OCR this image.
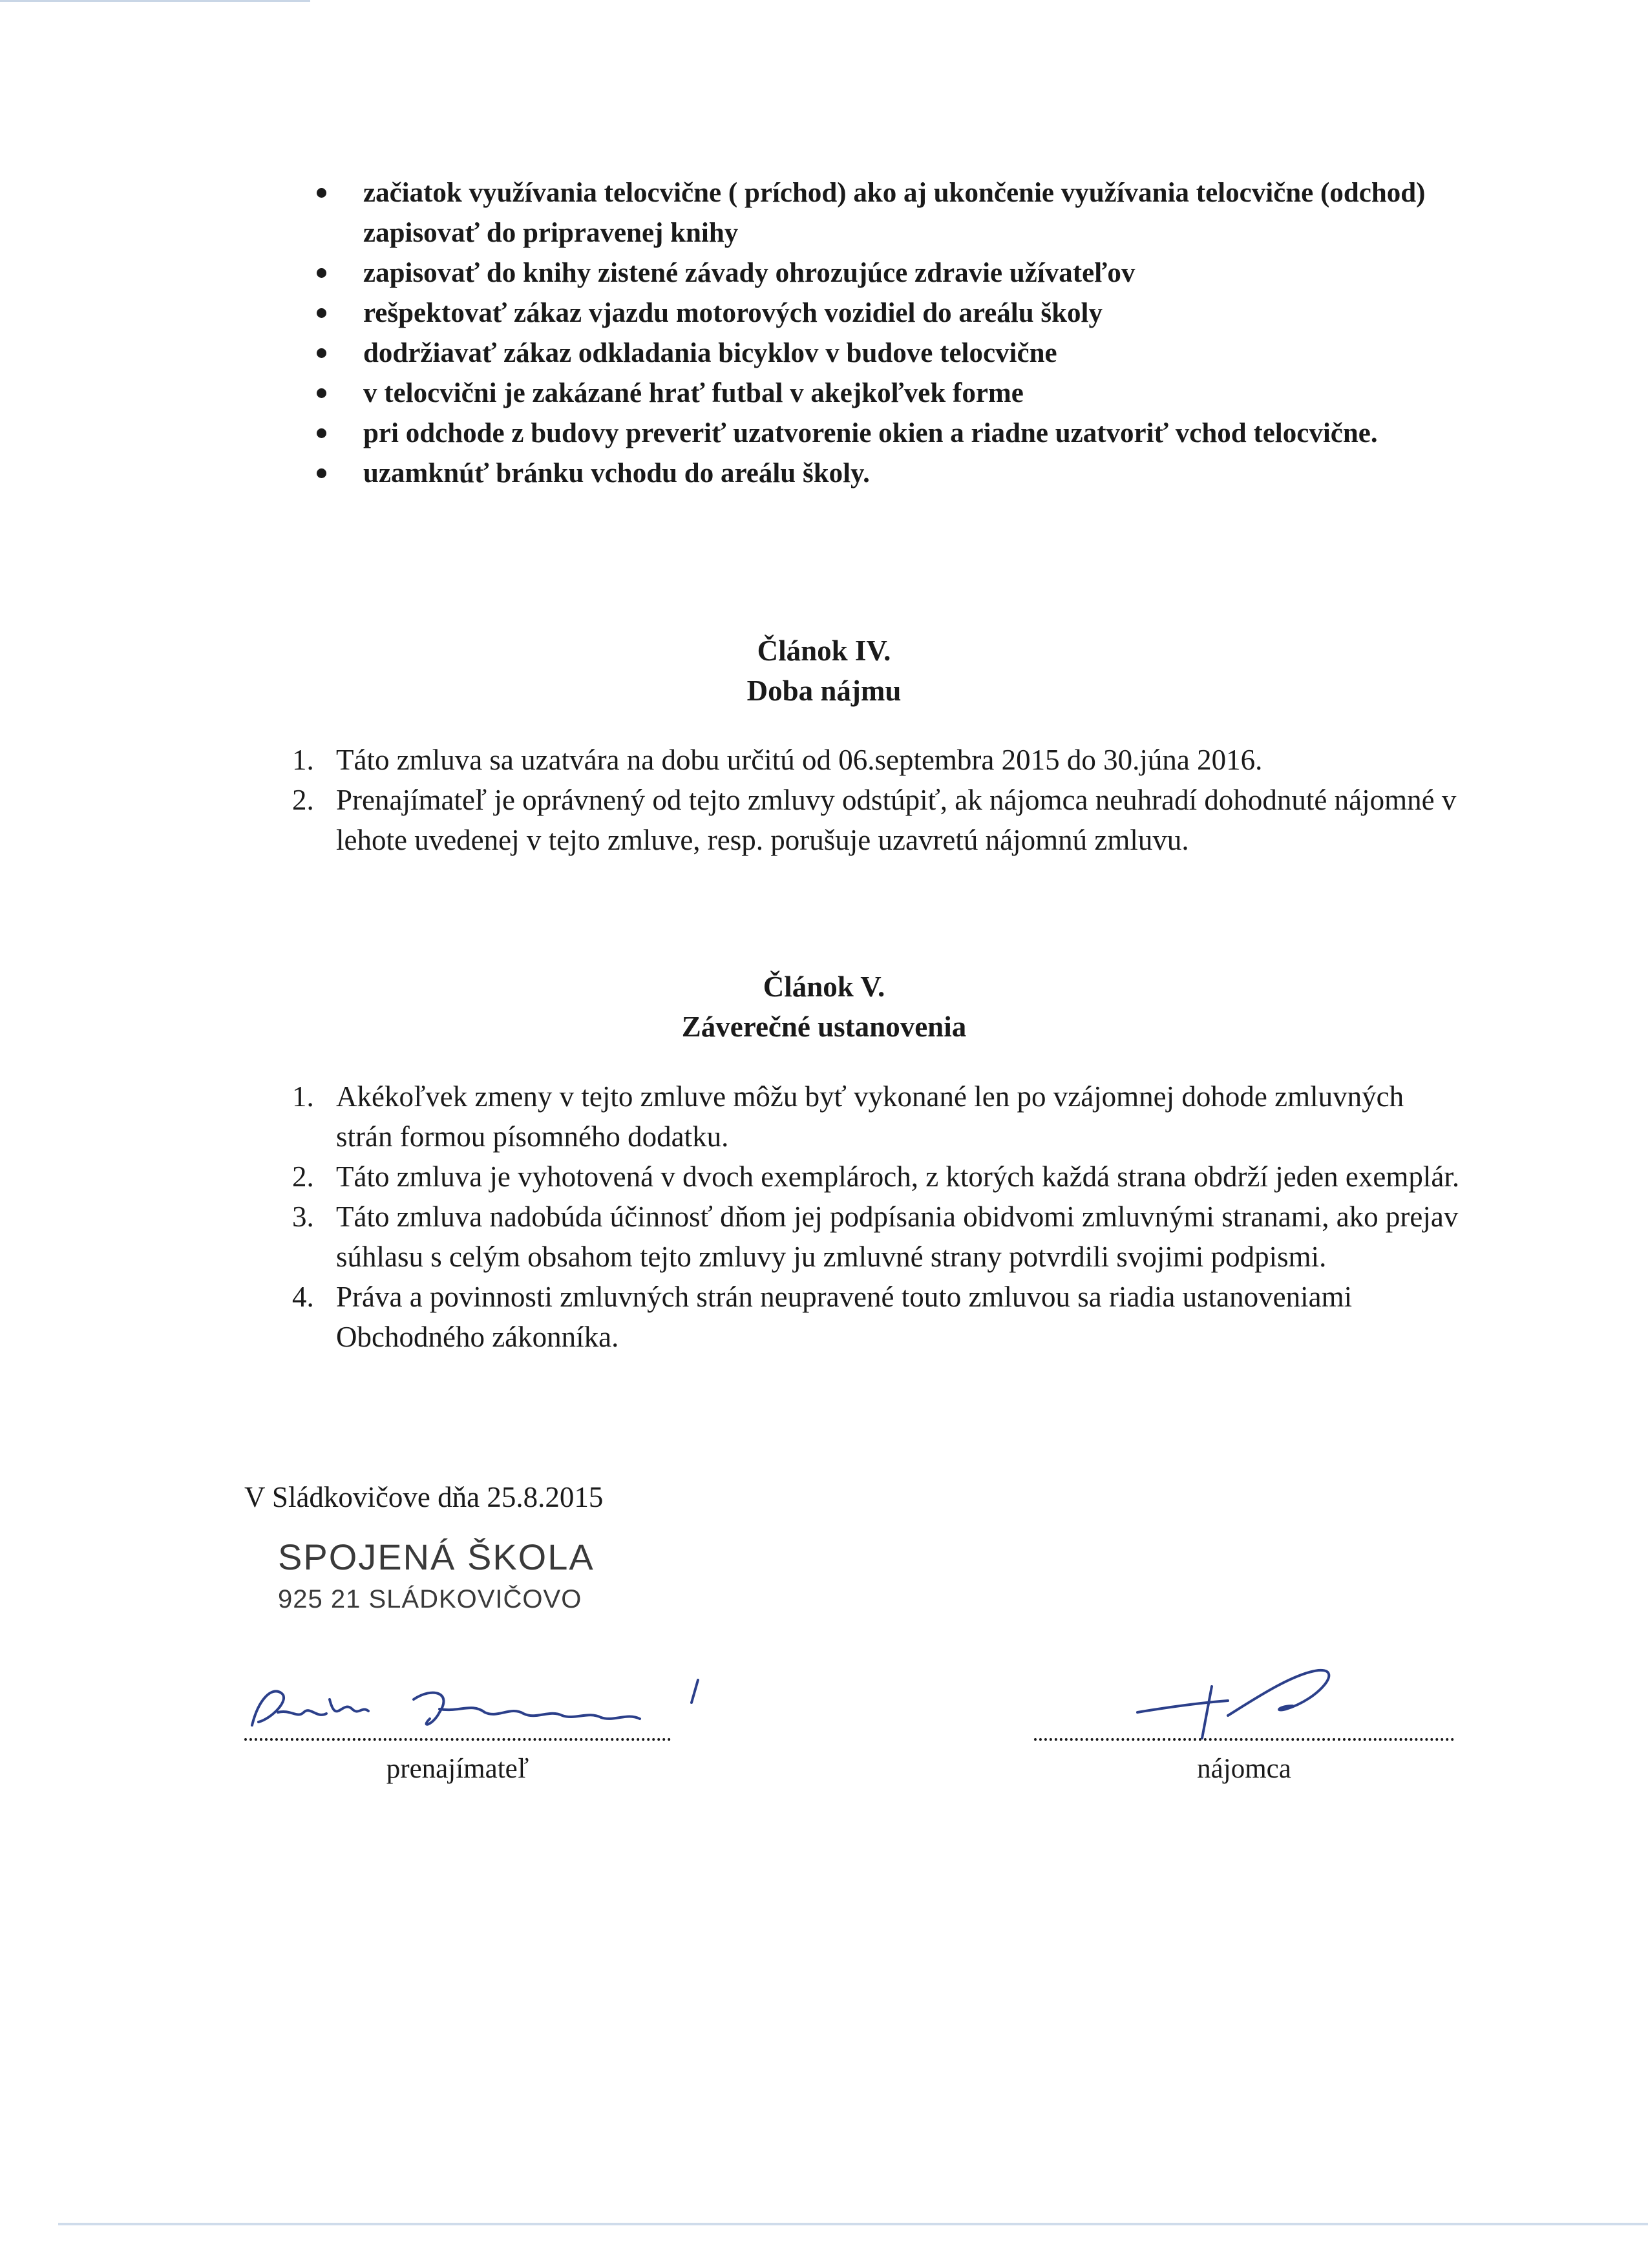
začiatok využívania telocvične ( príchod) ako aj ukončenie využívania telocvične (odchod) zapisovať do pripravenej knihy
zapisovať do knihy zistené závady ohrozujúce zdravie užívateľov
rešpektovať zákaz vjazdu motorových vozidiel do areálu školy
dodržiavať zákaz odkladania bicyklov v budove telocvične
v telocvični je zakázané hrať futbal v akejkoľvek forme
pri odchode z budovy preveriť uzatvorenie okien a riadne uzatvoriť vchod telocvične.
uzamknúť bránku vchodu do areálu školy.
Článok IV.
Doba nájmu
1. Táto zmluva sa uzatvára na dobu určitú od 06.septembra 2015 do 30.júna 2016.
2. Prenajímateľ je oprávnený od tejto zmluvy odstúpiť, ak nájomca neuhradí dohodnuté nájomné v lehote uvedenej v tejto zmluve, resp. porušuje uzavretú nájomnú zmluvu.
Článok V.
Záverečné ustanovenia
1. Akékoľvek zmeny v tejto zmluve môžu byť vykonané len po vzájomnej dohode zmluvných strán formou písomného dodatku.
2. Táto zmluva je vyhotovená v dvoch exemplároch, z ktorých každá strana obdrží jeden exemplár.
3. Táto zmluva nadobúda účinnosť dňom jej podpísania obidvomi zmluvnými stranami, ako prejav súhlasu s celým obsahom tejto zmluvy ju zmluvné strany potvrdili svojimi podpismi.
4. Práva a povinnosti zmluvných strán neupravené touto zmluvou sa riadia ustanoveniami Obchodného zákonníka.
V Sládkovičove dňa 25.8.2015
SPOJENÁ ŠKOLA
925 21 SLÁDKOVIČOVO
prenajímateľ	nájomca
